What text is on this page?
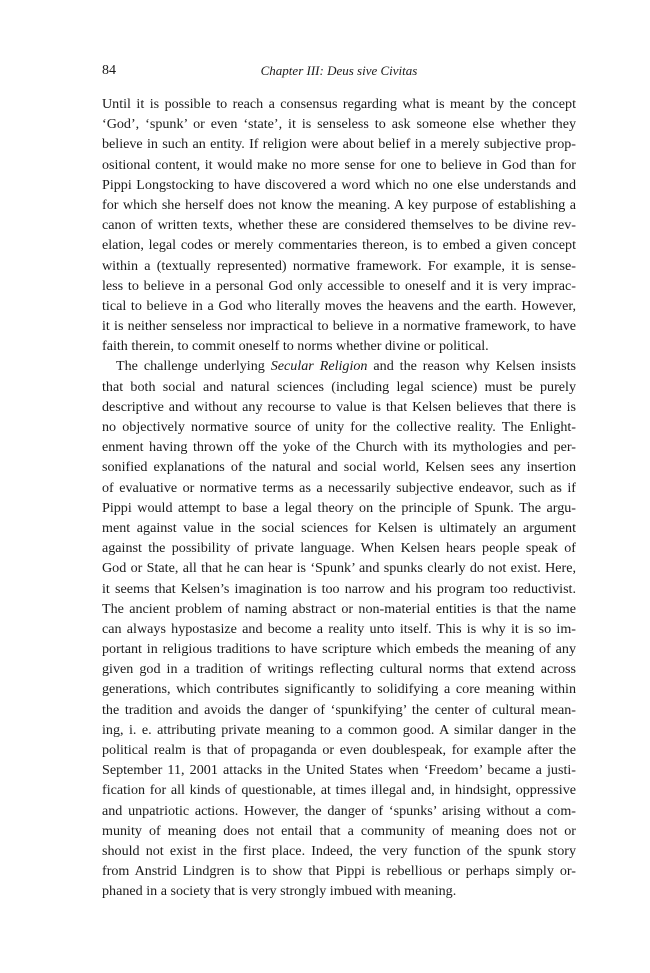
84	Chapter III: Deus sive Civitas
Until it is possible to reach a consensus regarding what is meant by the concept
‘God’, ‘spunk’ or even ‘state’, it is senseless to ask someone else whether they
believe in such an entity. If religion were about belief in a merely subjective prop-
ositional content, it would make no more sense for one to believe in God than for
Pippi Longstocking to have discovered a word which no one else understands and
for which she herself does not know the meaning. A key purpose of establishing a
canon of written texts, whether these are considered themselves to be divine rev-
elation, legal codes or merely commentaries thereon, is to embed a given concept
within a (textually represented) normative framework. For example, it is sense-
less to believe in a personal God only accessible to oneself and it is very imprac-
tical to believe in a God who literally moves the heavens and the earth. However,
it is neither senseless nor impractical to believe in a normative framework, to have
faith therein, to commit oneself to norms whether divine or political.
The challenge underlying Secular Religion and the reason why Kelsen insists
that both social and natural sciences (including legal science) must be purely
descriptive and without any recourse to value is that Kelsen believes that there is
no objectively normative source of unity for the collective reality. The Enlight-
enment having thrown off the yoke of the Church with its mythologies and per-
sonified explanations of the natural and social world, Kelsen sees any insertion
of evaluative or normative terms as a necessarily subjective endeavor, such as if
Pippi would attempt to base a legal theory on the principle of Spunk. The argu-
ment against value in the social sciences for Kelsen is ultimately an argument
against the possibility of private language. When Kelsen hears people speak of
God or State, all that he can hear is ‘Spunk’ and spunks clearly do not exist. Here,
it seems that Kelsen’s imagination is too narrow and his program too reductivist.
The ancient problem of naming abstract or non-material entities is that the name
can always hypostasize and become a reality unto itself. This is why it is so im-
portant in religious traditions to have scripture which embeds the meaning of any
given god in a tradition of writings reflecting cultural norms that extend across
generations, which contributes significantly to solidifying a core meaning within
the tradition and avoids the danger of ‘spunkifying’ the center of cultural mean-
ing, i. e. attributing private meaning to a common good. A similar danger in the
political realm is that of propaganda or even doublespeak, for example after the
September 11, 2001 attacks in the United States when ‘Freedom’ became a justi-
fication for all kinds of questionable, at times illegal and, in hindsight, oppressive
and unpatriotic actions. However, the danger of ‘spunks’ arising without a com-
munity of meaning does not entail that a community of meaning does not or
should not exist in the first place. Indeed, the very function of the spunk story
from Anstrid Lindgren is to show that Pippi is rebellious or perhaps simply or-
phaned in a society that is very strongly imbued with meaning.
